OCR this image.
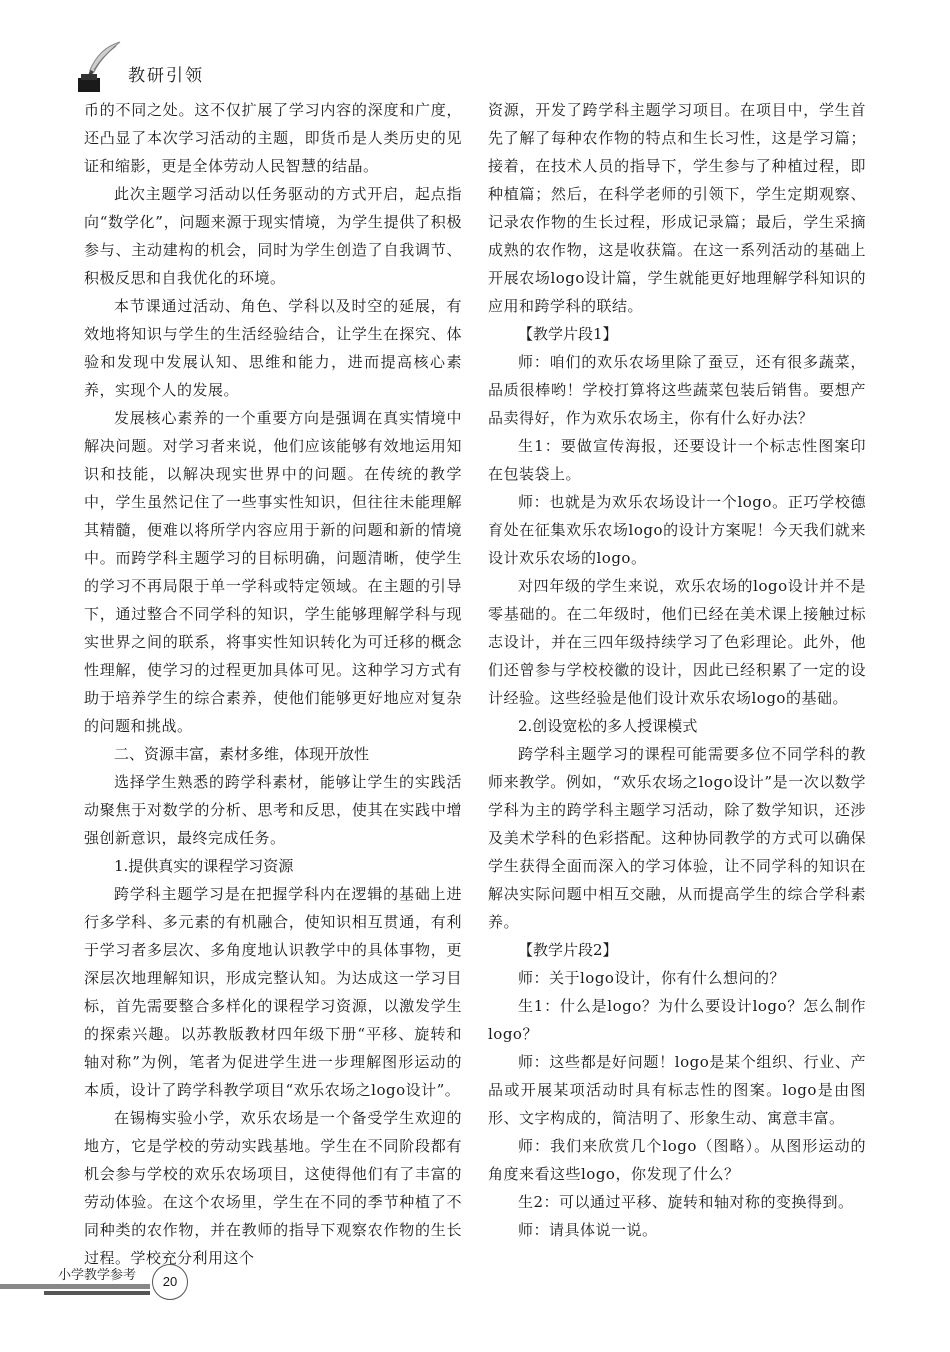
教研引领

币的不同之处。这不仅扩展了学习内容的深度和广度，还凸显了本次学习活动的主题，即货币是人类历史的见证和缩影，更是全体劳动人民智慧的结晶。

此次主题学习活动以任务驱动的方式开启，起点指向“数学化”，问题来源于现实情境，为学生提供了积极参与、主动建构的机会，同时为学生创造了自我调节、积极反思和自我优化的环境。

本节课通过活动、角色、学科以及时空的延展，有效地将知识与学生的生活经验结合，让学生在探究、体验和发现中发展认知、思维和能力，进而提高核心素养，实现个人的发展。

发展核心素养的一个重要方向是强调在真实情境中解决问题。对学习者来说，他们应该能够有效地运用知识和技能，以解决现实世界中的问题。在传统的教学中，学生虽然记住了一些事实性知识，但往往未能理解其精髓，便难以将所学内容应用于新的问题和新的情境中。而跨学科主题学习的目标明确，问题清晰，使学生的学习不再局限于单一学科或特定领域。在主题的引导下，通过整合不同学科的知识，学生能够理解学科与现实世界之间的联系，将事实性知识转化为可迁移的概念性理解，使学习的过程更加具体可见。这种学习方式有助于培养学生的综合素养，使他们能够更好地应对复杂的问题和挑战。

二、资源丰富，素材多维，体现开放性

选择学生熟悉的跨学科素材，能够让学生的实践活动聚焦于对数学的分析、思考和反思，使其在实践中增强创新意识，最终完成任务。

1.提供真实的课程学习资源

跨学科主题学习是在把握学科内在逻辑的基础上进行多学科、多元素的有机融合，使知识相互贯通，有利于学习者多层次、多角度地认识教学中的具体事物，更深层次地理解知识，形成完整认知。为达成这一学习目标，首先需要整合多样化的课程学习资源，以激发学生的探索兴趣。以苏教版教材四年级下册“平移、旋转和轴对称”为例，笔者为促进学生进一步理解图形运动的本质，设计了跨学科教学项目“欢乐农场之logo设计”。

在锡梅实验小学，欢乐农场是一个备受学生欢迎的地方，它是学校的劳动实践基地。学生在不同阶段都有机会参与学校的欢乐农场项目，这使得他们有了丰富的劳动体验。在这个农场里，学生在不同的季节种植了不同种类的农作物，并在教师的指导下观察农作物的生长过程。学校充分利用这个

资源，开发了跨学科主题学习项目。在项目中，学生首先了解了每种农作物的特点和生长习性，这是学习篇；接着，在技术人员的指导下，学生参与了种植过程，即种植篇；然后，在科学老师的引领下，学生定期观察、记录农作物的生长过程，形成记录篇；最后，学生采摘成熟的农作物，这是收获篇。在这一系列活动的基础上开展农场logo设计篇，学生就能更好地理解学科知识的应用和跨学科的联结。

【教学片段1】

师：咱们的欢乐农场里除了蚕豆，还有很多蔬菜，品质很棒哟！学校打算将这些蔬菜包装后销售。要想产品卖得好，作为欢乐农场主，你有什么好办法？

生1：要做宣传海报，还要设计一个标志性图案印在包装袋上。

师：也就是为欢乐农场设计一个logo。正巧学校德育处在征集欢乐农场logo的设计方案呢！今天我们就来设计欢乐农场的logo。

对四年级的学生来说，欢乐农场的logo设计并不是零基础的。在二年级时，他们已经在美术课上接触过标志设计，并在三四年级持续学习了色彩理论。此外，他们还曾参与学校校徽的设计，因此已经积累了一定的设计经验。这些经验是他们设计欢乐农场logo的基础。

2.创设宽松的多人授课模式

跨学科主题学习的课程可能需要多位不同学科的教师来教学。例如，“欢乐农场之logo设计”是一次以数学学科为主的跨学科主题学习活动，除了数学知识，还涉及美术学科的色彩搭配。这种协同教学的方式可以确保学生获得全面而深入的学习体验，让不同学科的知识在解决实际问题中相互交融，从而提高学生的综合学科素养。

【教学片段2】

师：关于logo设计，你有什么想问的？

生1：什么是logo？为什么要设计logo？怎么制作logo？

师：这些都是好问题！logo是某个组织、行业、产品或开展某项活动时具有标志性的图案。logo是由图形、文字构成的，简洁明了、形象生动、寓意丰富。

师：我们来欣赏几个logo（图略）。从图形运动的角度来看这些logo，你发现了什么？

生2：可以通过平移、旋转和轴对称的变换得到。

师：请具体说一说。

小学教学参考	20
